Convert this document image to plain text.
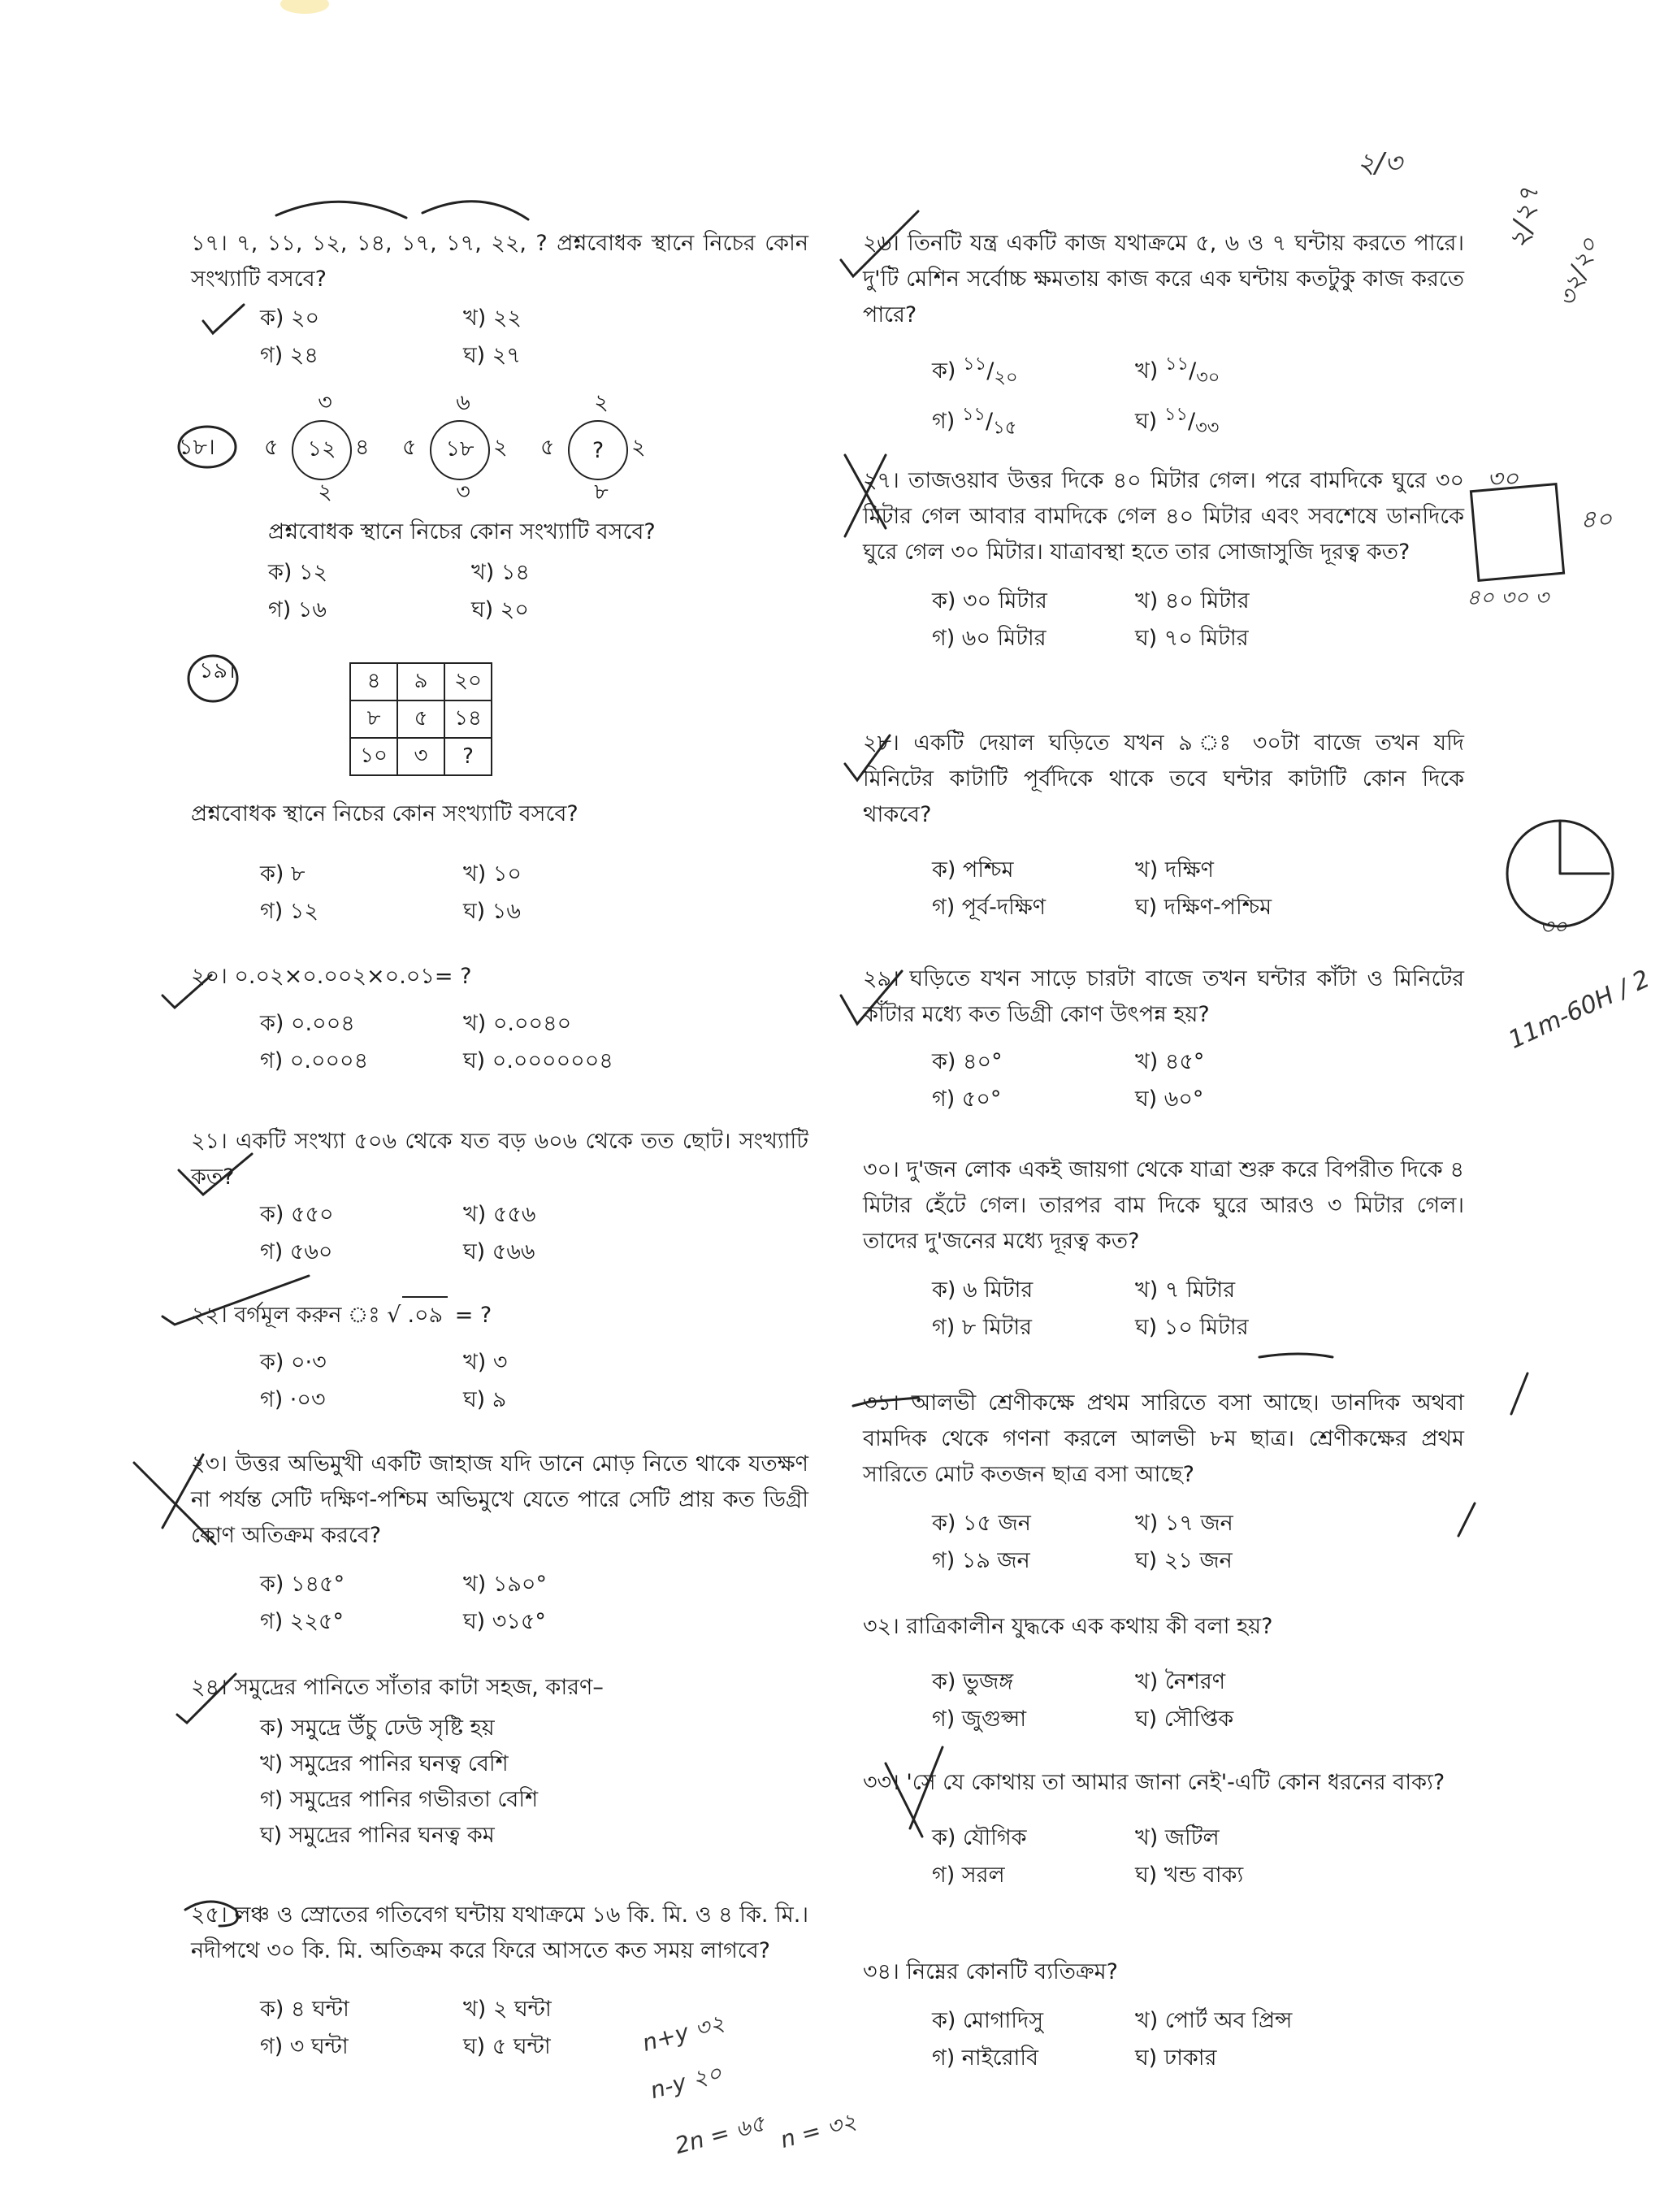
১৭। ৭, ১১, ১২, ১৪, ১৭, ১৭, ২২, ? প্রশ্নবোধক স্থানে নিচের কোন সংখ্যাটি বসবে?
ক) ২০	খ) ২২
গ) ২৪	ঘ) ২৭
১৮।
৩
৫	১২ ৪
২
৬
৫	১৮ ২
৩
২
৫	?	২
৮
প্রশ্নবোধক স্থানে নিচের কোন সংখ্যাটি বসবে?
ক) ১২	খ) ১৪
গ) ১৬	ঘ) ২০
১৯।	৪	৯	২০
৮	৫	১৪
১০	৩	?
প্রশ্নবোধক স্থানে নিচের কোন সংখ্যাটি বসবে?
ক) ৮	খ) ১০
গ) ১২	ঘ) ১৬
২০। ০.০২×০.০০২×০.০১= ?
ক) ০.০০৪	খ) ০.০০৪০
গ) ০.০০০৪	ঘ) ০.০০০০০০৪
২১। একটি সংখ্যা ৫০৬ থেকে যত বড় ৬০৬ থেকে তত ছোট। সংখ্যাটি কত?
ক) ৫৫০	খ) ৫৫৬
গ) ৫৬০	ঘ) ৫৬৬
২২। বর্গমূল করুন ঃ √ .০৯ = ?
ক) ০·৩	খ) ৩
গ) ·০৩	ঘ) ৯
২৩। উত্তর অভিমুখী একটি জাহাজ যদি ডানে মোড় নিতে থাকে যতক্ষণ না পর্যন্ত সেটি দক্ষিণ-পশ্চিম অভিমুখে যেতে পারে সেটি প্রায় কত ডিগ্রী কোণ অতিক্রম করবে?
ক) ১৪৫°	খ) ১৯০°
গ) ২২৫°	ঘ) ৩১৫°
২৪। সমুদ্রের পানিতে সাঁতার কাটা সহজ, কারণ–
ক) সমুদ্রে উঁচু ঢেউ সৃষ্টি হয়
খ) সমুদ্রের পানির ঘনত্ব বেশি
গ) সমুদ্রের পানির গভীরতা বেশি
ঘ) সমুদ্রের পানির ঘনত্ব কম
২৫। লঞ্চ ও স্রোতের গতিবেগ ঘন্টায় যথাক্রমে ১৬ কি. মি. ও ৪ কি. মি.। নদীপথে ৩০ কি. মি. অতিক্রম করে ফিরে আসতে কত সময় লাগবে?
ক) ৪ ঘন্টা	খ) ২ ঘন্টা
গ) ৩ ঘন্টা	ঘ) ৫ ঘন্টা
২৬। তিনটি যন্ত্র একটি কাজ যথাক্রমে ৫, ৬ ও ৭ ঘন্টায় করতে পারে। দু'টি মেশিন সর্বোচ্চ ক্ষমতায় কাজ করে এক ঘন্টায় কতটুকু কাজ করতে পারে?
ক) $^{১১}/_{২০}$	খ) $^{১১}/_{৩০}$
গ) $^{১১}/_{১৫}$	ঘ) $^{১১}/_{৩৩}$
২৭। তাজওয়াব উত্তর দিকে ৪০ মিটার গেল। পরে বামদিকে ঘুরে ৩০ মিটার গেল আবার বামদিকে গেল ৪০ মিটার এবং সবশেষে ডানদিকে ঘুরে গেল ৩০ মিটার। যাত্রাবস্থা হতে তার সোজাসুজি দূরত্ব কত?
ক) ৩০ মিটার	খ) ৪০ মিটার
গ) ৬০ মিটার	ঘ) ৭০ মিটার
২৮। একটি দেয়াল ঘড়িতে যখন ৯ ঃ ৩০টা বাজে তখন যদি মিনিটের কাটাটি পূর্বদিকে থাকে তবে ঘন্টার কাটাটি কোন দিকে থাকবে?
ক) পশ্চিম	খ) দক্ষিণ
গ) পূর্ব-দক্ষিণ	ঘ) দক্ষিণ-পশ্চিম
২৯। ঘড়িতে যখন সাড়ে চারটা বাজে তখন ঘন্টার কাঁটা ও মিনিটের কাঁটার মধ্যে কত ডিগ্রী কোণ উৎপন্ন হয়?
ক) ৪০°	খ) ৪৫°
গ) ৫০°	ঘ) ৬০°
৩০। দু'জন লোক একই জায়গা থেকে যাত্রা শুরু করে বিপরীত দিকে ৪ মিটার হেঁটে গেল। তারপর বাম দিকে ঘুরে আরও ৩ মিটার গেল। তাদের দু'জনের মধ্যে দূরত্ব কত?
ক) ৬ মিটার	খ) ৭ মিটার
গ) ৮ মিটার	ঘ) ১০ মিটার
৩১। আলভী শ্রেণীকক্ষে প্রথম সারিতে বসা আছে। ডানদিক অথবা বামদিক থেকে গণনা করলে আলভী ৮ম ছাত্র। শ্রেণীকক্ষের প্রথম সারিতে মোট কতজন ছাত্র বসা আছে?
ক) ১৫ জন	খ) ১৭ জন
গ) ১৯ জন	ঘ) ২১ জন
৩২। রাত্রিকালীন যুদ্ধকে এক কথায় কী বলা হয়?
ক) ভুজঙ্গ	খ) নৈশরণ
গ) জুগুপ্সা	ঘ) সৌপ্তিক
৩৩। 'সে যে কোথায় তা আমার জানা নেই'-এটি কোন ধরনের বাক্য?
ক) যৌগিক	খ) জটিল
গ) সরল	ঘ) খন্ড বাক্য
৩৪। নিম্নের কোনটি ব্যতিক্রম?
ক) মোগাদিসু	খ) পোর্ট অব প্রিন্স
গ) নাইরোবি	ঘ) ঢাকার
২/৩
২/২৭
৩২/২০
৩০
৪০
৪০ ৩০ ৩
৩০
11m-60H / 2
n+y ৩২
n-y ২০
2n = ৬৫ n = ৩২
